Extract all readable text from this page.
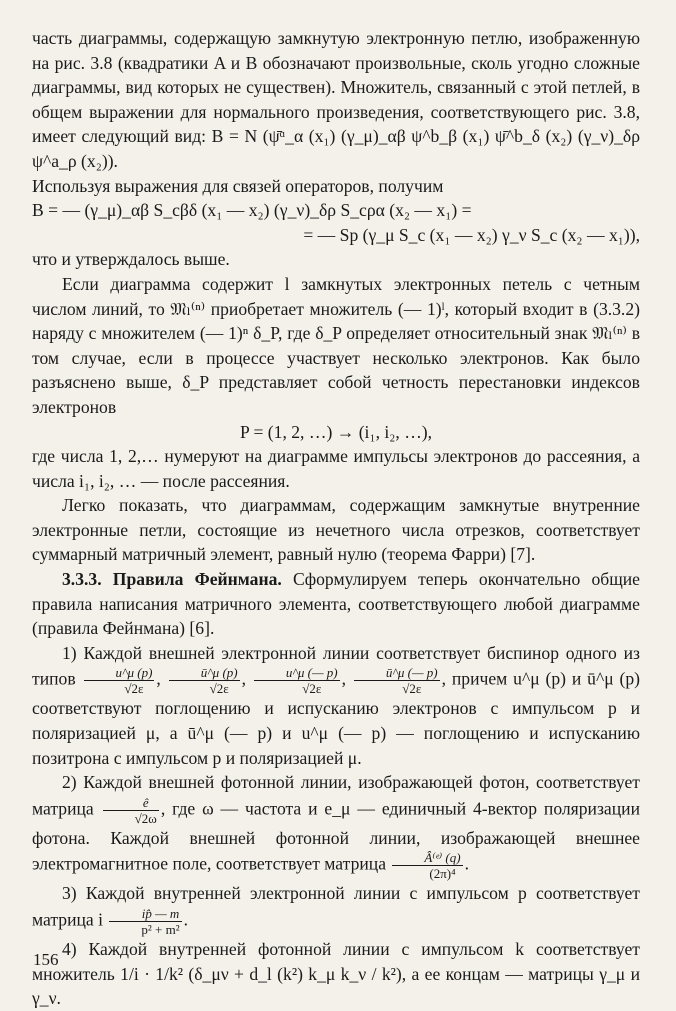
часть диаграммы, содержащую замкнутую электронную петлю, изображенную на рис. 3.8 (квадратики A и B обозначают произвольные, сколь угодно сложные диаграммы, вид которых не существен). Множитель, связанный с этой петлей, в общем выражении для нормального произведения, соответствующего рис. 3.8, имеет следующий вид: B = N (ψ̄ᵅ_α (x₁) (γ_μ)_αβ ψ^b_β (x₁) ψ̄^b_δ (x₂) (γ_ν)_δρ ψ^a_ρ (x₂)).

Используя выражения для связей операторов, получим

B = — (γ_μ)_αβ S_cβδ (x₁ — x₂) (γ_ν)_δρ S_cρα (x₂ — x₁) =

= — Sp (γ_μ S_c (x₁ — x₂) γ_ν S_c (x₂ — x₁)),

что и утверждалось выше.

Если диаграмма содержит l замкнутых электронных петель с четным числом линий, то 𝔐ₗ⁽ⁿ⁾ приобретает множитель (— 1)ˡ, который входит в (3.3.2) наряду с множителем (— 1)ⁿ δ_P, где δ_P определяет относительный знак 𝔐ₗ⁽ⁿ⁾ в том случае, если в процессе участвует несколько электронов. Как было разъяснено выше, δ_P представляет собой четность перестановки индексов электронов

P = (1, 2, …) → (i₁, i₂, …),

где числа 1, 2,… нумеруют на диаграмме импульсы электронов до рассеяния, а числа i₁, i₂, … — после рассеяния.

Легко показать, что диаграммам, содержащим замкнутые внутренние электронные петли, состоящие из нечетного числа отрезков, соответствует суммарный матричный элемент, равный нулю (теорема Фарри) [7].

3.3.3. Правила Фейнмана. Сформулируем теперь окончательно общие правила написания матричного элемента, соответствующего любой диаграмме (правила Фейнмана) [6].

1) Каждой внешней электронной линии соответствует биспинор одного из типов $\frac{u\^{}\mu (p)}{√2\varepsilon}$ , $\frac{ū\^{}\mu (p)}{√2\varepsilon}$ , $\frac{u\^{}\mu (— p)}{√2\varepsilon}$ , $\frac{ū\^{}\mu (— p)}{√2\varepsilon}$ , причем u^μ (p) и ū^μ (p) соответствуют поглощению и испусканию электронов с импульсом p и поляризацией μ, а ū^μ (— p) и u^μ (— p) — поглощению и испусканию позитрона с импульсом p и поляризацией μ.

2) Каждой внешней фотонной линии, изображающей фотон, соответствует матрица $\frac{ê}{√2\omega}$ , где ω — частота и e_μ — единичный 4-вектор поляризации фотона. Каждой внешней фотонной линии, изображающей внешнее электромагнитное поле, соответствует матрица $\frac{\text{Â⁽ᵉ⁾ (q)}}{\text{(2π)⁴}}$ .

3) Каждой внутренней электронной линии с импульсом p соответствует матрица i $\frac{ip̂ — m}{\text{p² + m²}}$ .

4) Каждой внутренней фотонной линии с импульсом k соответствует множитель 1/i · 1/k² (δ_μν + d_l (k²) k_μ k_ν / k²), а ее концам — матрицы γ_μ и γ_ν.

156
